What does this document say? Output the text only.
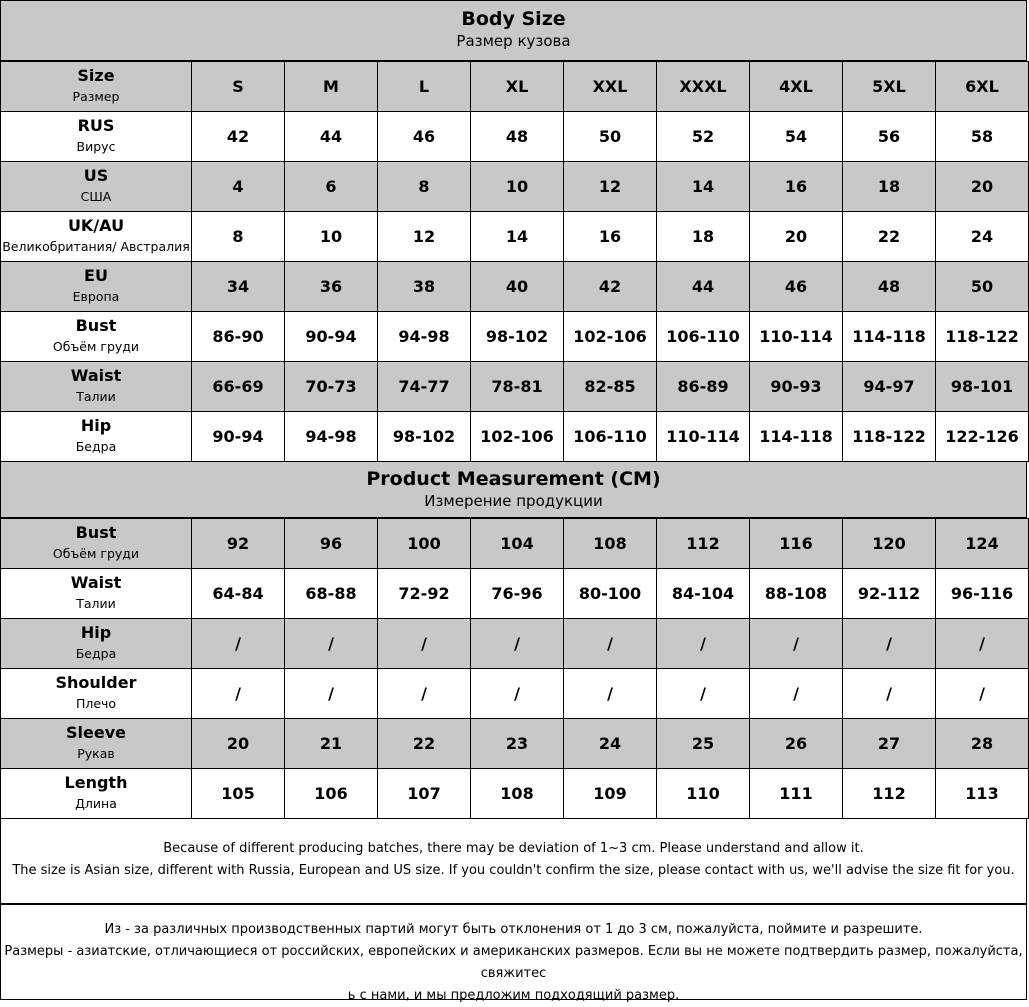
Body Size
Размер кузова
Size
Размер	S	M	L	XL	XXL	XXXL	4XL	5XL	6XL

RUS
Вирус	42	44	46	48	50	52	54	56	58

US
США	4	6	8	10	12	14	16	18	20

UK/AU
Великобритания/ Австралия	8	10	12	14	16	18	20	22	24

EU
Европа	34	36	38	40	42	44	46	48	50

Bust
Объём груди	86-90	90-94	94-98	98-102	102-106	106-110	110-114	114-118	118-122

Waist
Талии	66-69	70-73	74-77	78-81	82-85	86-89	90-93	94-97	98-101

Hip
Бедра	90-94	94-98	98-102	102-106	106-110	110-114	114-118	118-122	122-126
Product Measurement (CM)
Измерение продукции
Bust
Объём груди	92	96	100	104	108	112	116	120	124

Waist
Талии	64-84	68-88	72-92	76-96	80-100	84-104	88-108	92-112	96-116

Hip
Бедра	/	/	/	/	/	/	/	/	/

Shoulder
Плечо	/	/	/	/	/	/	/	/	/

Sleeve
Рукав	20	21	22	23	24	25	26	27	28

Length
Длина	105	106	107	108	109	110	111	112	113

Because of different producing batches, there may be deviation of 1~3 cm. Please understand and allow it.

The size is Asian size, different with Russia, European and US size. If you couldn't confirm the size, please contact with us, we'll advise the size fit for you.

Из - за различных производственных партий могут быть отклонения от 1 до 3 см, пожалуйста, поймите и разрешите.

Размеры - азиатские, отличающиеся от российских, европейских и американских размеров. Если вы не можете подтвердить размер, пожалуйста, свяжитес

ь с нами, и мы предложим подходящий размер.
